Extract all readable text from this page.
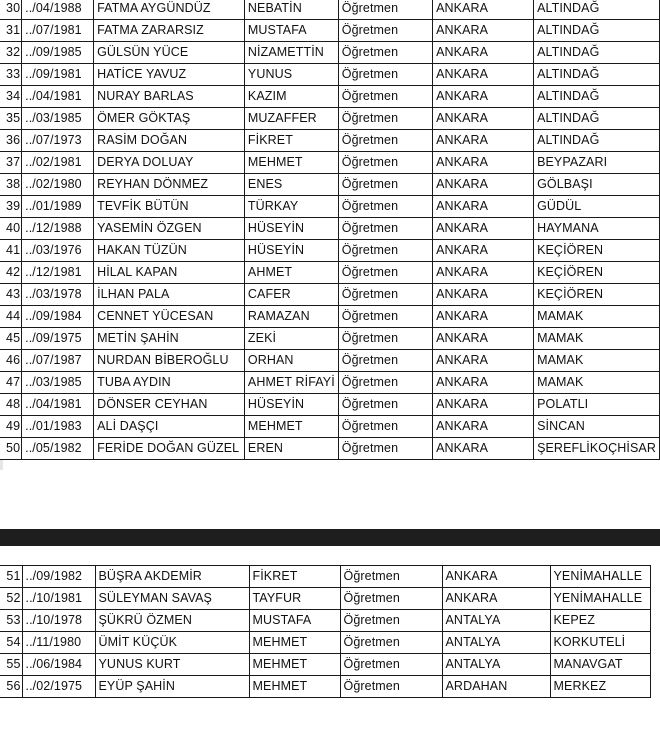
30	../04/1988	FATMA AYGÜNDÜZ	NEBATİN	Öğretmen	ANKARA	ALTINDAĞ
31	../07/1981	FATMA ZARARSIZ	MUSTAFA	Öğretmen	ANKARA	ALTINDAĞ
32	../09/1985	GÜLSÜN YÜCE	NİZAMETTİN	Öğretmen	ANKARA	ALTINDAĞ
33	../09/1981	HATİCE YAVUZ	YUNUS	Öğretmen	ANKARA	ALTINDAĞ
34	../04/1981	NURAY BARLAS	KAZIM	Öğretmen	ANKARA	ALTINDAĞ
35	../03/1985	ÖMER GÖKTAŞ	MUZAFFER	Öğretmen	ANKARA	ALTINDAĞ
36	../07/1973	RASİM DOĞAN	FİKRET	Öğretmen	ANKARA	ALTINDAĞ
37	../02/1981	DERYA DOLUAY	MEHMET	Öğretmen	ANKARA	BEYPAZARI
38	../02/1980	REYHAN DÖNMEZ	ENES	Öğretmen	ANKARA	GÖLBAŞI
39	../01/1989	TEVFİK BÜTÜN	TÜRKAY	Öğretmen	ANKARA	GÜDÜL
40	../12/1988	YASEMİN ÖZGEN	HÜSEYİN	Öğretmen	ANKARA	HAYMANA
41	../03/1976	HAKAN TÜZÜN	HÜSEYİN	Öğretmen	ANKARA	KEÇİÖREN
42	../12/1981	HİLAL KAPAN	AHMET	Öğretmen	ANKARA	KEÇİÖREN
43	../03/1978	İLHAN PALA	CAFER	Öğretmen	ANKARA	KEÇİÖREN
44	../09/1984	CENNET YÜCESAN	RAMAZAN	Öğretmen	ANKARA	MAMAK
45	../09/1975	METİN ŞAHİN	ZEKİ	Öğretmen	ANKARA	MAMAK
46	../07/1987	NURDAN BİBEROĞLU	ORHAN	Öğretmen	ANKARA	MAMAK
47	../03/1985	TUBA AYDIN	AHMET RİFAYİ	Öğretmen	ANKARA	MAMAK
48	../04/1981	DÖNSER CEYHAN	HÜSEYİN	Öğretmen	ANKARA	POLATLI
49	../01/1983	ALİ DAŞÇI	MEHMET	Öğretmen	ANKARA	SİNCAN
50	../05/1982	FERİDE DOĞAN GÜZEL	EREN	Öğretmen	ANKARA	ŞEREFLİKOÇHİSAR
51	../09/1982	BÜŞRA AKDEMİR	FİKRET	Öğretmen	ANKARA	YENİMAHALLE
52	../10/1981	SÜLEYMAN SAVAŞ	TAYFUR	Öğretmen	ANKARA	YENİMAHALLE
53	../10/1978	ŞÜKRÜ ÖZMEN	MUSTAFA	Öğretmen	ANTALYA	KEPEZ
54	../11/1980	ÜMİT KÜÇÜK	MEHMET	Öğretmen	ANTALYA	KORKUTELİ
55	../06/1984	YUNUS KURT	MEHMET	Öğretmen	ANTALYA	MANAVGAT
56	../02/1975	EYÜP ŞAHİN	MEHMET	Öğretmen	ARDAHAN	MERKEZ
